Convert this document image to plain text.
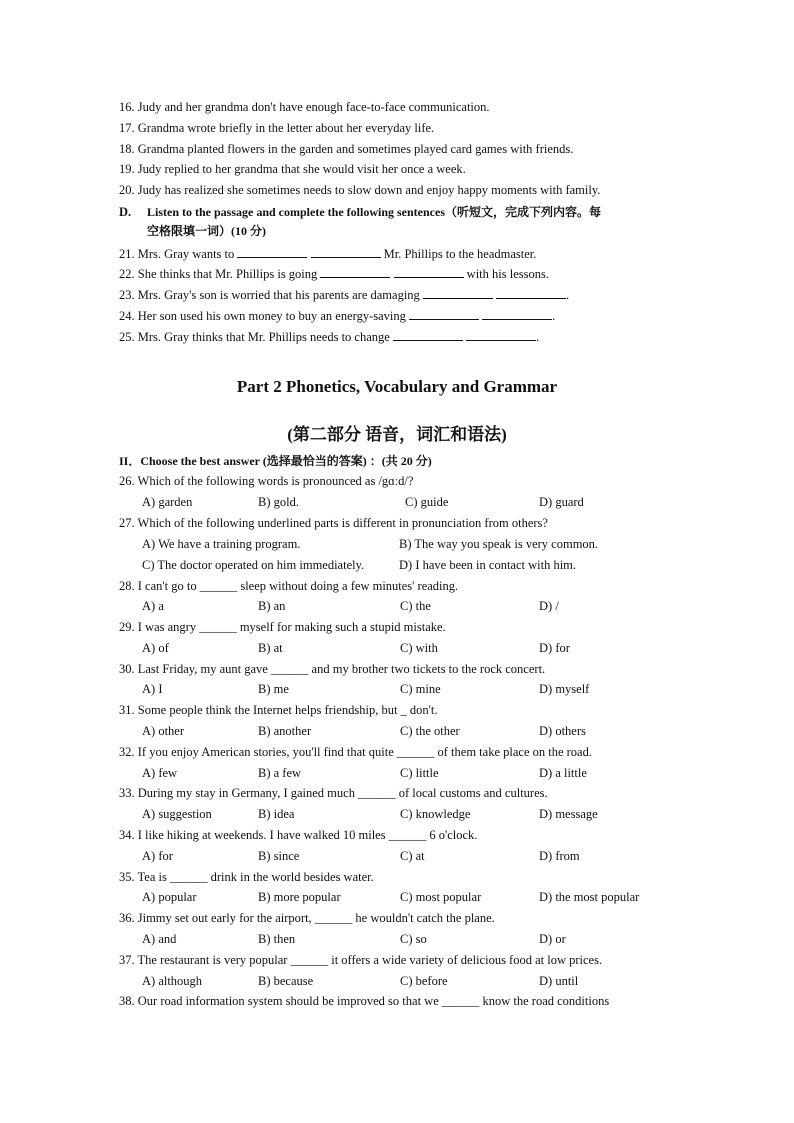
16. Judy and her grandma don't have enough face-to-face communication.
17. Grandma wrote briefly in the letter about her everyday life.
18. Grandma planted flowers in the garden and sometimes played card games with friends.
19. Judy replied to her grandma that she would visit her once a week.
20. Judy has realized she sometimes needs to slow down and enjoy happy moments with family.
D. Listen to the passage and complete the following sentences（听短文，完成下列内容。每
空格限填一词）(10 分)
21. Mrs. Gray wants to	Mr. Phillips to the headmaster.
22. She thinks that Mr. Phillips is going	with his lessons.
23. Mrs. Gray's son is worried that his parents are damaging	.
24. Her son used his own money to buy an energy-saving	.
25. Mrs. Gray thinks that Mr. Phillips needs to change	.
Part 2 Phonetics, Vocabulary and Grammar
(第二部分 语音，词汇和语法)
II．Choose the best answer (选择最恰当的答案) ：(共 20 分)
26. Which of the following words is pronounced as /gɑːd/?
A) garden	B) gold.	C) guide	D) guard
27. Which of the following underlined parts is different in pronunciation from others?
A) We have a training program.	B) The way you speak is very common.
C) The doctor operated on him immediately.	D) I have been in contact with him.
28. I can't go to ______ sleep without doing a few minutes' reading.
A) a	B) an	C) the	D) /
29. I was angry ______ myself for making such a stupid mistake.
A) of	B) at	C) with	D) for
30. Last Friday, my aunt gave ______ and my brother two tickets to the rock concert.
A) I	B) me	C) mine	D) myself
31. Some people think the Internet helps friendship, but _ don't.
A) other	B) another	C) the other	D) others
32. If you enjoy American stories, you'll find that quite ______ of them take place on the road.
A) few	B) a few	C) little	D) a little
33. During my stay in Germany, I gained much ______ of local customs and cultures.
A) suggestion	B) idea	C) knowledge	D) message
34. I like hiking at weekends. I have walked 10 miles ______ 6 o'clock.
A) for	B) since	C) at	D) from
35. Tea is ______ drink in the world besides water.
A) popular	B) more popular	C) most popular	D) the most popular
36. Jimmy set out early for the airport, ______ he wouldn't catch the plane.
A) and	B) then	C) so	D) or
37. The restaurant is very popular ______ it offers a wide variety of delicious food at low prices.
A) although	B) because	C) before	D) until
38. Our road information system should be improved so that we ______ know the road conditions
